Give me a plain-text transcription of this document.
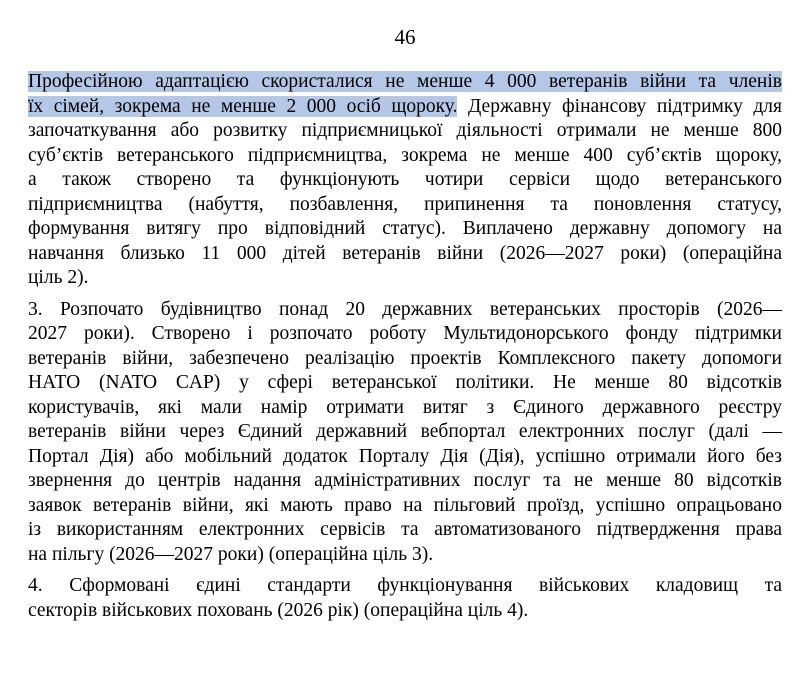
46
Професійною адаптацією скористалися не менше 4 000 ветеранів війни та членів
їх сімей, зокрема не менше 2 000 осіб щороку. Державну фінансову підтримку для
започаткування або розвитку підприємницької діяльності отримали не менше 800
суб’єктів ветеранського підприємництва, зокрема не менше 400 суб’єктів щороку,
а також створено та функціонують чотири сервіси щодо ветеранського
підприємництва (набуття, позбавлення, припинення та поновлення статусу,
формування витягу про відповідний статус). Виплачено державну допомогу на
навчання близько 11 000 дітей ветеранів війни (2026—2027 роки) (операційна
ціль 2).
3. Розпочато будівництво понад 20 державних ветеранських просторів (2026—
2027 роки). Створено і розпочато роботу Мультидонорського фонду підтримки
ветеранів війни, забезпечено реалізацію проектів Комплексного пакету допомоги
НАТО (NATO CAP) у сфері ветеранської політики. Не менше 80 відсотків
користувачів, які мали намір отримати витяг з Єдиного державного реєстру
ветеранів війни через Єдиний державний вебпортал електронних послуг (далі —
Портал Дія) або мобільний додаток Порталу Дія (Дія), успішно отримали його без
звернення до центрів надання адміністративних послуг та не менше 80 відсотків
заявок ветеранів війни, які мають право на пільговий проїзд, успішно опрацьовано
із використанням електронних сервісів та автоматизованого підтвердження права
на пільгу (2026—2027 роки) (операційна ціль 3).
4. Сформовані єдині стандарти функціонування військових кладовищ та
секторів військових поховань (2026 рік) (операційна ціль 4).
